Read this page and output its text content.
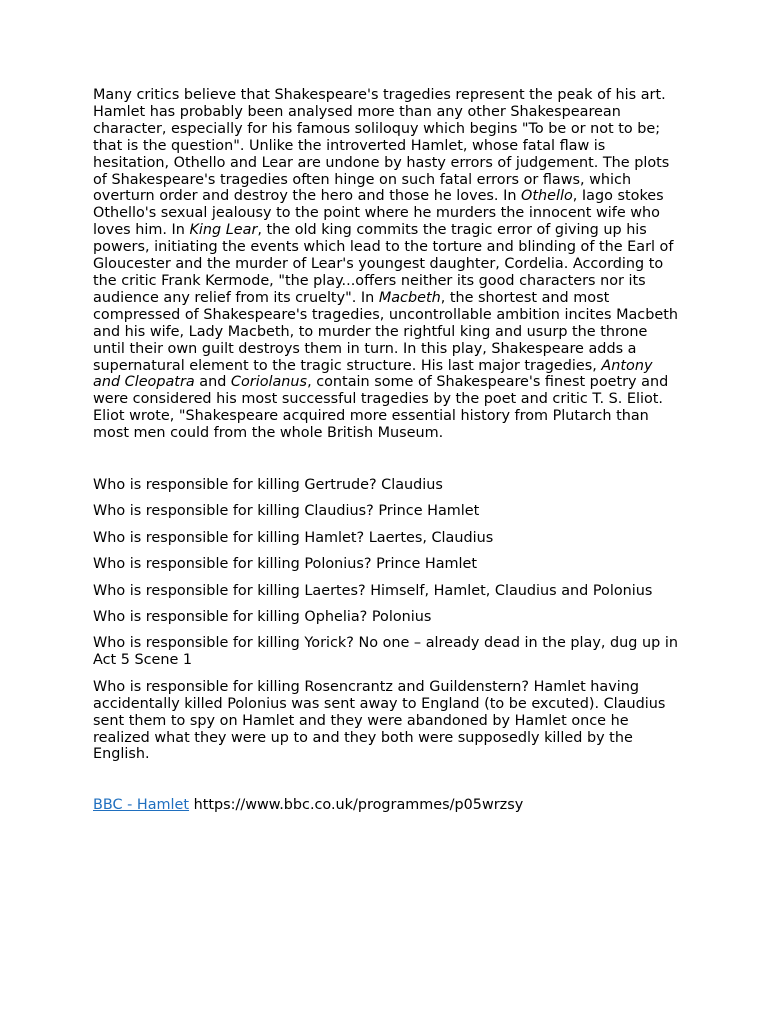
Many critics believe that Shakespeare's tragedies represent the peak of his art. Hamlet has probably been analysed more than any other Shakespearean character, especially for his famous soliloquy which begins "To be or not to be; that is the question". Unlike the introverted Hamlet, whose fatal flaw is hesitation, Othello and Lear are undone by hasty errors of judgement. The plots of Shakespeare's tragedies often hinge on such fatal errors or flaws, which overturn order and destroy the hero and those he loves. In Othello, Iago stokes Othello's sexual jealousy to the point where he murders the innocent wife who loves him. In King Lear, the old king commits the tragic error of giving up his powers, initiating the events which lead to the torture and blinding of the Earl of Gloucester and the murder of Lear's youngest daughter, Cordelia. According to the critic Frank Kermode, "the play...offers neither its good characters nor its audience any relief from its cruelty". In Macbeth, the shortest and most compressed of Shakespeare's tragedies, uncontrollable ambition incites Macbeth and his wife, Lady Macbeth, to murder the rightful king and usurp the throne until their own guilt destroys them in turn. In this play, Shakespeare adds a supernatural element to the tragic structure. His last major tragedies, Antony and Cleopatra and Coriolanus, contain some of Shakespeare's finest poetry and were considered his most successful tragedies by the poet and critic T. S. Eliot. Eliot wrote, "Shakespeare acquired more essential history from Plutarch than most men could from the whole British Museum.

Who is responsible for killing Gertrude? Claudius

Who is responsible for killing Claudius? Prince Hamlet

Who is responsible for killing Hamlet? Laertes, Claudius

Who is responsible for killing Polonius? Prince Hamlet

Who is responsible for killing Laertes? Himself, Hamlet, Claudius and Polonius

Who is responsible for killing Ophelia? Polonius

Who is responsible for killing Yorick? No one – already dead in the play, dug up in Act 5 Scene 1

Who is responsible for killing Rosencrantz and Guildenstern? Hamlet having accidentally killed Polonius was sent away to England (to be excuted). Claudius sent them to spy on Hamlet and they were abandoned by Hamlet once he realized what they were up to and they both were supposedly killed by the English.

BBC - Hamlet https://www.bbc.co.uk/programmes/p05wrzsy
